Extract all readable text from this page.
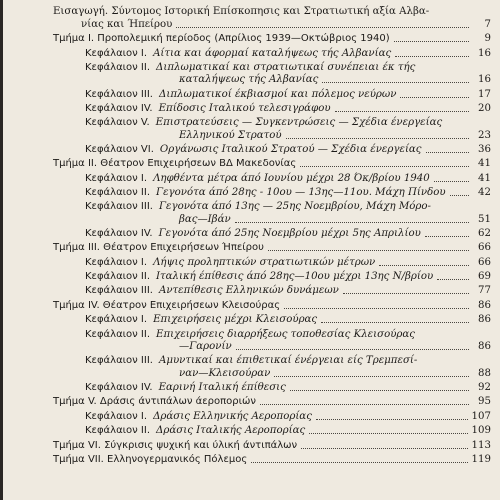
Εισαγωγή. Σύντομος Ιστορική Επίσκοπησις και Στρατιωτική αξία Αλβα-
νίας και Ήπείρου	7
Τμήμα Ι. Προπολεμική περίοδος (Απρίλιος 1939—Οκτώβριος 1940)	9
Κεφάλαιον Ι. Αίτια και άφορμαί καταλήψεως τής Αλβανίας	16
Κεφάλαιον ΙΙ. Διπλωματικαί και στρατιωτικαί συνέπειαι έκ τής
καταλήψεως τής Αλβανίας	16
Κεφάλαιον ΙΙΙ. Διπλωματικοί έκβιασμοί και πόλεμος νεύρων	17
Κεφάλαιον IV. Επίδοσις Ιταλικού τελεσιγράφου	20
Κεφάλαιον V. Επιστρατεύσεις — Συγκεντρώσεις — Σχέδια ένεργείας
Ελληνικού Στρατού	23
Κεφάλαιον VI. Οργάνωσις Ιταλικού Στρατού — Σχέδια ένεργείας	36
Τμήμα ΙΙ. Θέατρον Επιχειρήσεων ΒΔ Μακεδονίας	41
Κεφάλαιον Ι. Ληφθέντα μέτρα άπό Ιουνίου μέχρι 28 Όκ/βρίου 1940	41
Κεφάλαιον ΙΙ. Γεγονότα άπό 28ης - 10ου — 13ης—11ου. Μάχη Πίνδου	42
Κεφάλαιον ΙΙΙ. Γεγονότα άπό 13ης — 25ης Νοεμβρίου, Μάχη Μόρο-
βας—Ιβάν	51
Κεφάλαιον IV. Γεγονότα άπό 25ης Νοεμβρίου μέχρι 5ης Απριλίου	62
Τμήμα ΙΙΙ. Θέατρον Επιχειρήσεων Ήπείρου	66
Κεφάλαιον Ι. Λήψις προληπτικών στρατιωτικών μέτρων	66
Κεφάλαιον ΙΙ. Ιταλική έπίθεσις άπό 28ης—10ου μέχρι 13ης Ν/βρίου	69
Κεφάλαιον ΙΙΙ. Αντεπίθεσις Ελληνικών δυνάμεων	77
Τμήμα IV. Θέατρον Επιχειρήσεων Κλεισούρας	86
Κεφάλαιον Ι. Επιχειρήσεις μέχρι Κλεισούρας	86
Κεφάλαιον ΙΙ. Επιχειρήσεις διαρρήξεως τοποθεσίας Κλεισούρας
—Γαρονίν	86
Κεφάλαιον ΙΙΙ. Αμυντικαί και έπιθετικαί ένέργειαι είς Τρεμπεσί-
ναν—Κλεισούραν	88
Κεφάλαιον IV. Εαρινή Ιταλική έπίθεσις	92
Τμήμα V. Δράσις άντιπάλων άεροποριών	95
Κεφάλαιον Ι. Δράσις Ελληνικής Αεροπορίας	107
Κεφάλαιον ΙΙ. Δράσις Ιταλικής Αεροπορίας	109
Τμήμα VI. Σύγκρισις ψυχική και ύλική άντιπάλων	113
Τμήμα VII. Ελληνογερμανικός Πόλεμος	119
